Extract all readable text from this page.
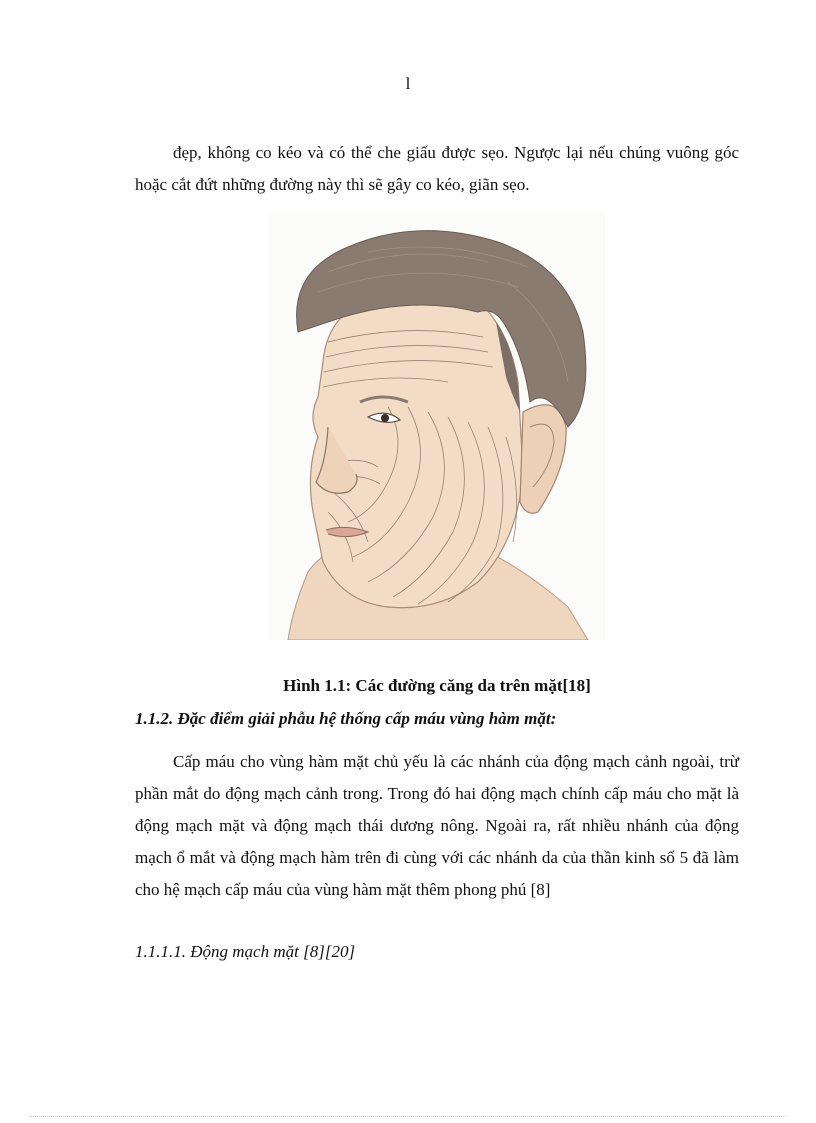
l

đẹp, không co kéo và có thể che giấu được sẹo. Ngược lại nếu chúng vuông góc hoặc cắt đứt những đường này thì sẽ gây co kéo, giãn sẹo.

Hình 1.1: Các đường căng da trên mặt[18]
1.1.2. Đặc điểm giải phẫu hệ thống cấp máu vùng hàm mặt:

Cấp máu cho vùng hàm mặt chủ yếu là các nhánh của động mạch cảnh ngoài, trừ phần mắt do động mạch cảnh trong. Trong đó hai động mạch chính cấp máu cho mặt là động mạch mặt và động mạch thái dương nông. Ngoài ra, rất nhiều nhánh của động mạch ổ mắt và động mạch hàm trên đi cùng với các nhánh da của thần kinh số 5 đã làm cho hệ mạch cấp máu của vùng hàm mặt thêm phong phú [8]

1.1.1.1. Động mạch mặt [8][20]
